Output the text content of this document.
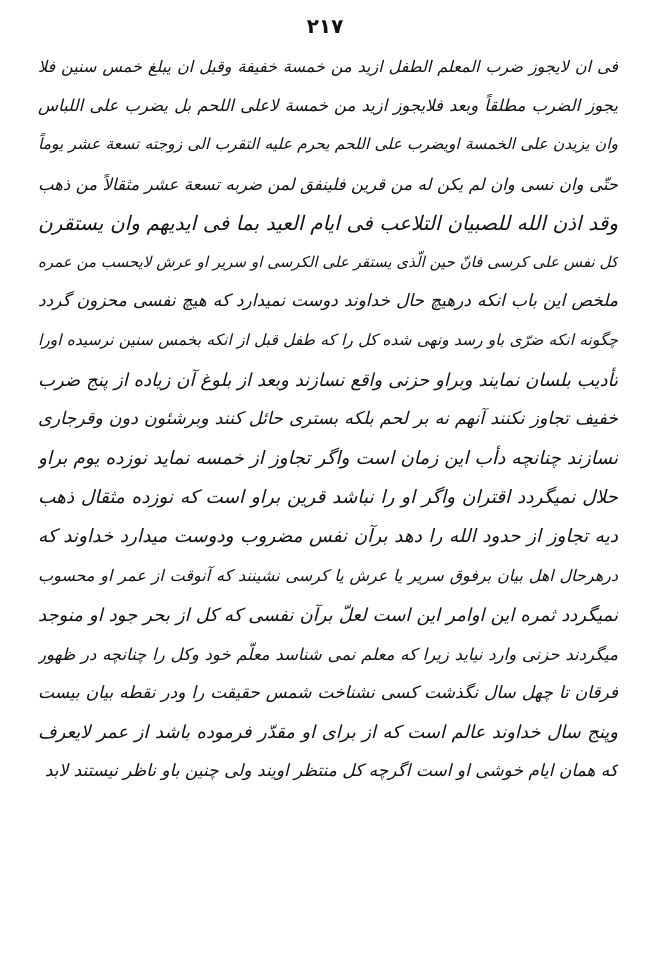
۲۱۷
فی ان لایجوز ضرب المعلم الطفل ازید من خمسة خفیفة وقبل ان یبلغ خمس سنین فلا
یجوز الضرب مطلقاً وبعد فلایجوز ازید من خمسة لاعلی اللحم بل یضرب علی اللباس
وان یزیدن علی الخمسة اویضرب علی اللحم یحرم علیه التقرب الی زوجته تسعة عشر یوماً
حتّی وان نسی وان لم یکن له من قرین فلینفق لمن ضربه تسعة عشر مثقالاً من ذهب
وقد اذن الله للصبیان التلاعب فی ایام العید بما فی ایدیهم وان یستقرن
کل نفس علی کرسی فانّ حین الّذی یستقر علی الکرسی او سریر او عرش لایحسب من عمره
ملخص این باب انکه درهیچ حال خداوند دوست نمیدارد که هیچ نفسی محزون گردد
چگونه انکه ضرّی باو رسد ونهی شده کل را که طفل قبل از انکه بخمس سنین نرسیده اورا
تأدیب بلسان نمایند وبراو حزنی واقع نسازند وبعد از بلوغ آن زیاده از پنج ضرب
خفیف تجاوز نکنند آنهم نه بر لحم بلکه بستری حائل کنند وبرشئون دون وقرجاری
نسازند چنانچه دأب این زمان است واگر تجاوز از خمسه نماید نوزده یوم براو
حلال نمیگردد اقتران واگر او را نباشد قرین براو است که نوزده مثقال ذهب
دیه تجاوز از حدود الله را دهد برآن نفس مضروب ودوست میدارد خداوند که
درهرحال اهل بیان برفوق سریر یا عرش یا کرسی نشینند که آنوقت از عمر او محسوب
نمیگردد ثمره این اوامر این است لعلّ برآن نفسی که کل از بحر جود او منوجد
میگردند حزنی وارد نیاید زیرا که معلم نمی شناسد معلّم خود وکل را چنانچه در ظهور
فرقان تا چهل سال نگذشت کسی نشناخت شمس حقیقت را ودر نقطه بیان بیست
وپنج سال خداوند عالم است که از برای او مقدّر فرموده باشد از عمر لایعرف
که همان ایام خوشی او است اگرچه کل منتظر اویند ولی چنین باو ناظر نیستند لابد
